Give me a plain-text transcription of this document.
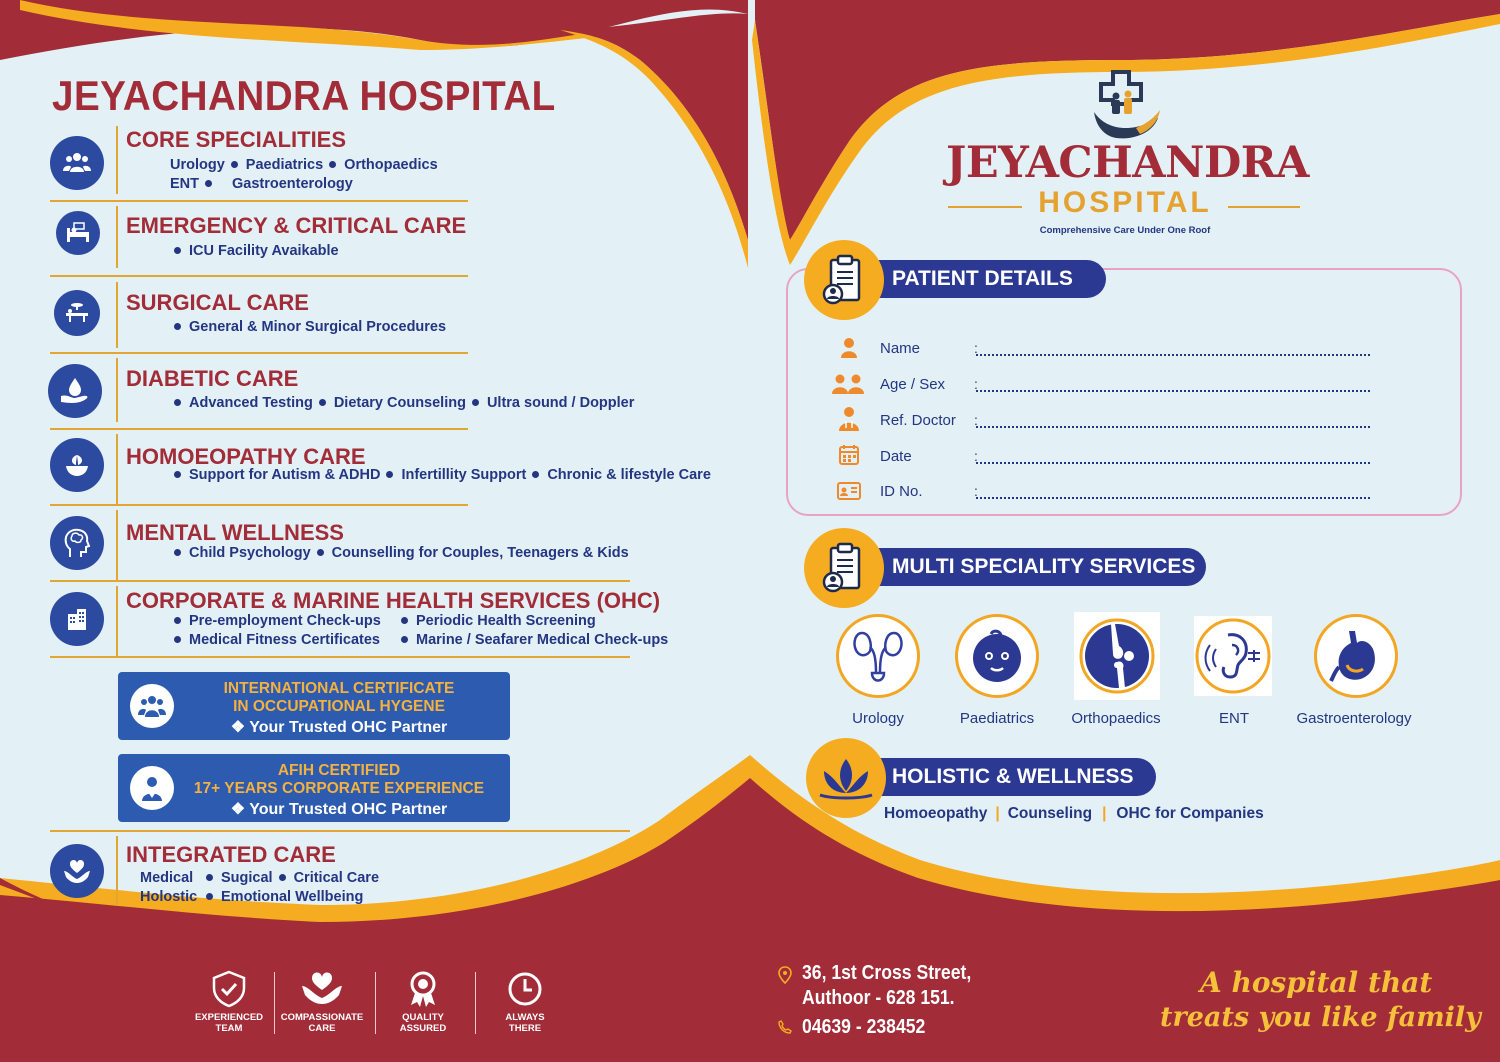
JEYACHANDRA HOSPITAL
CORE SPECIALITIES
Urology Paediatrics Orthopaedics
ENT Gastroenterology
EMERGENCY & CRITICAL CARE
ICU Facility Avaikable
SURGICAL CARE
General & Minor Surgical Procedures
DIABETIC CARE
Advanced Testing Dietary Counseling Ultra sound / Doppler
HOMOEOPATHY CARE
Support for Autism & ADHD Infertillity Support Chronic & lifestyle Care
MENTAL WELLNESS
Child Psychology Counselling for Couples, Teenagers & Kids
CORPORATE & MARINE HEALTH SERVICES (OHC)
Pre-employment Check-ups Periodic Health Screening
Medical Fitness Certificates Marine / Seafarer Medical Check-ups
INTERNATIONAL CERTIFICATE
IN OCCUPATIONAL HYGENE
❖ Your Trusted OHC Partner
AFIH CERTIFIED
17+ YEARS CORPORATE EXPERIENCE
❖ Your Trusted OHC Partner
INTEGRATED CARE
Medical Sugical Critical Care
Holostic Emotional Wellbeing
EXPERIENCED
TEAM
COMPASSIONATE
CARE
QUALITY
ASSURED
ALWAYS
THERE
JEYACHANDRA
HOSPITAL
Comprehensive Care Under One Roof
PATIENT DETAILS
Name	:
Age / Sex :
Ref. Doctor :
Date	:
ID No.	:
MULTI SPECIALITY SERVICES
Urology	Paediatrics	Orthopaedics	ENT	Gastroenterology
HOLISTIC & WELLNESS
Homoeopathy | Counseling | OHC for Companies
36, 1st Cross Street,
Authoor - 628 151.
04639 - 238452
A hospital that
treats you like family
